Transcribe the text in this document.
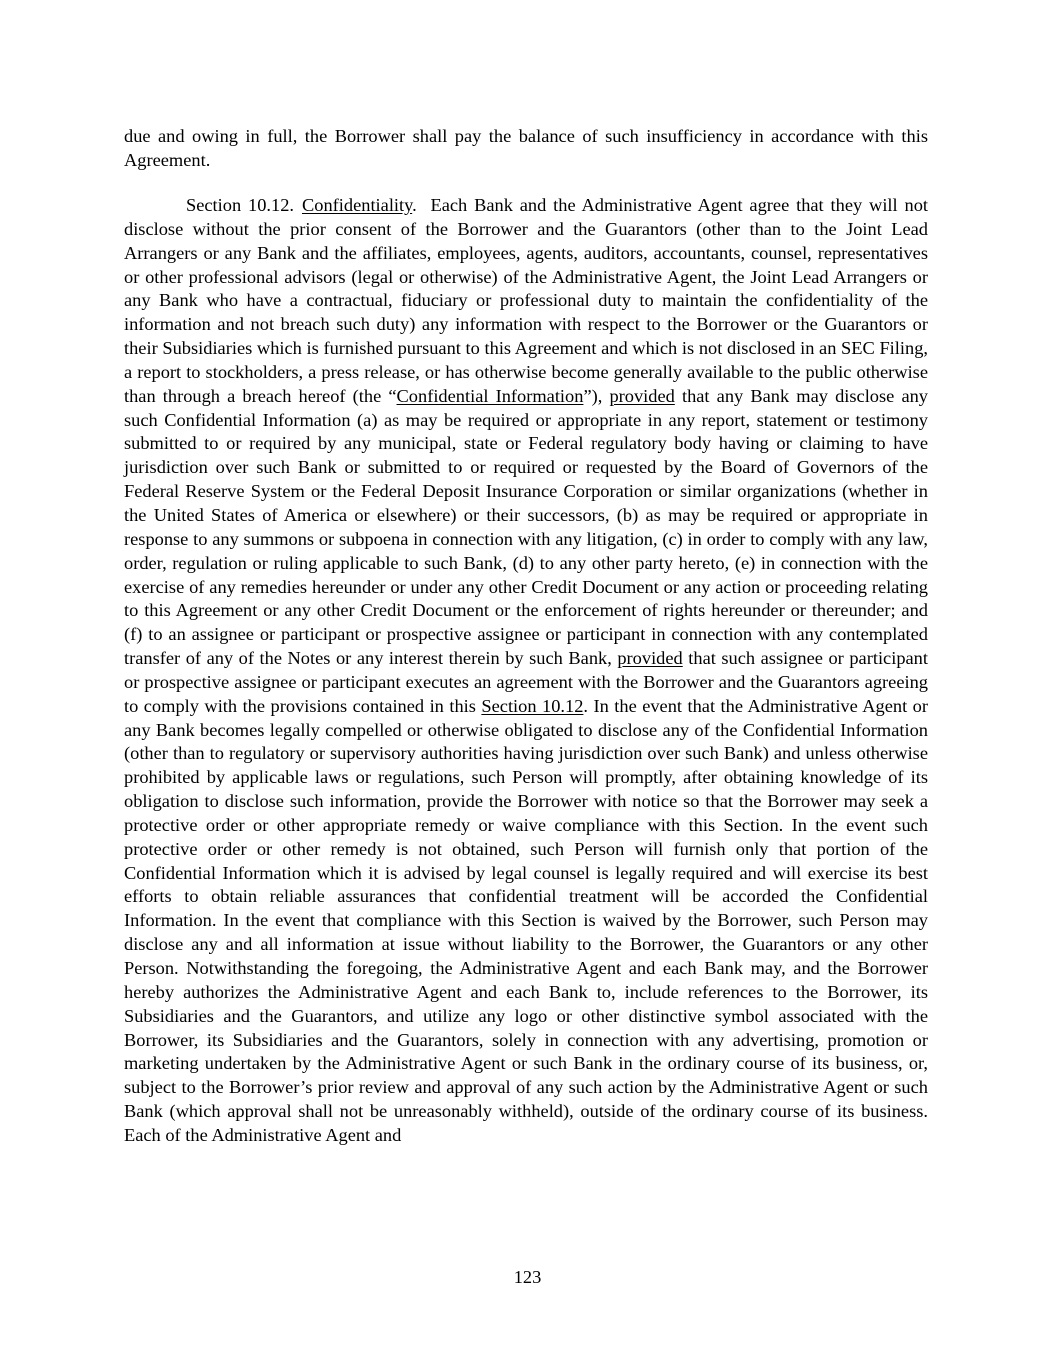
due and owing in full, the Borrower shall pay the balance of such insufficiency in accordance with this Agreement.

Section 10.12. Confidentiality. Each Bank and the Administrative Agent agree that they will not disclose without the prior consent of the Borrower and the Guarantors (other than to the Joint Lead Arrangers or any Bank and the affiliates, employees, agents, auditors, accountants, counsel, representatives or other professional advisors (legal or otherwise) of the Administrative Agent, the Joint Lead Arrangers or any Bank who have a contractual, fiduciary or professional duty to maintain the confidentiality of the information and not breach such duty) any information with respect to the Borrower or the Guarantors or their Subsidiaries which is furnished pursuant to this Agreement and which is not disclosed in an SEC Filing, a report to stockholders, a press release, or has otherwise become generally available to the public otherwise than through a breach hereof (the “Confidential Information”), provided that any Bank may disclose any such Confidential Information (a) as may be required or appropriate in any report, statement or testimony submitted to or required by any municipal, state or Federal regulatory body having or claiming to have jurisdiction over such Bank or submitted to or required or requested by the Board of Governors of the Federal Reserve System or the Federal Deposit Insurance Corporation or similar organizations (whether in the United States of America or elsewhere) or their successors, (b) as may be required or appropriate in response to any summons or subpoena in connection with any litigation, (c) in order to comply with any law, order, regulation or ruling applicable to such Bank, (d) to any other party hereto, (e) in connection with the exercise of any remedies hereunder or under any other Credit Document or any action or proceeding relating to this Agreement or any other Credit Document or the enforcement of rights hereunder or thereunder; and (f) to an assignee or participant or prospective assignee or participant in connection with any contemplated transfer of any of the Notes or any interest therein by such Bank, provided that such assignee or participant or prospective assignee or participant executes an agreement with the Borrower and the Guarantors agreeing to comply with the provisions contained in this Section 10.12. In the event that the Administrative Agent or any Bank becomes legally compelled or otherwise obligated to disclose any of the Confidential Information (other than to regulatory or supervisory authorities having jurisdiction over such Bank) and unless otherwise prohibited by applicable laws or regulations, such Person will promptly, after obtaining knowledge of its obligation to disclose such information, provide the Borrower with notice so that the Borrower may seek a protective order or other appropriate remedy or waive compliance with this Section. In the event such protective order or other remedy is not obtained, such Person will furnish only that portion of the Confidential Information which it is advised by legal counsel is legally required and will exercise its best efforts to obtain reliable assurances that confidential treatment will be accorded the Confidential Information. In the event that compliance with this Section is waived by the Borrower, such Person may disclose any and all information at issue without liability to the Borrower, the Guarantors or any other Person. Notwithstanding the foregoing, the Administrative Agent and each Bank may, and the Borrower hereby authorizes the Administrative Agent and each Bank to, include references to the Borrower, its Subsidiaries and the Guarantors, and utilize any logo or other distinctive symbol associated with the Borrower, its Subsidiaries and the Guarantors, solely in connection with any advertising, promotion or marketing undertaken by the Administrative Agent or such Bank in the ordinary course of its business, or, subject to the Borrower’s prior review and approval of any such action by the Administrative Agent or such Bank (which approval shall not be unreasonably withheld), outside of the ordinary course of its business. Each of the Administrative Agent and

123
